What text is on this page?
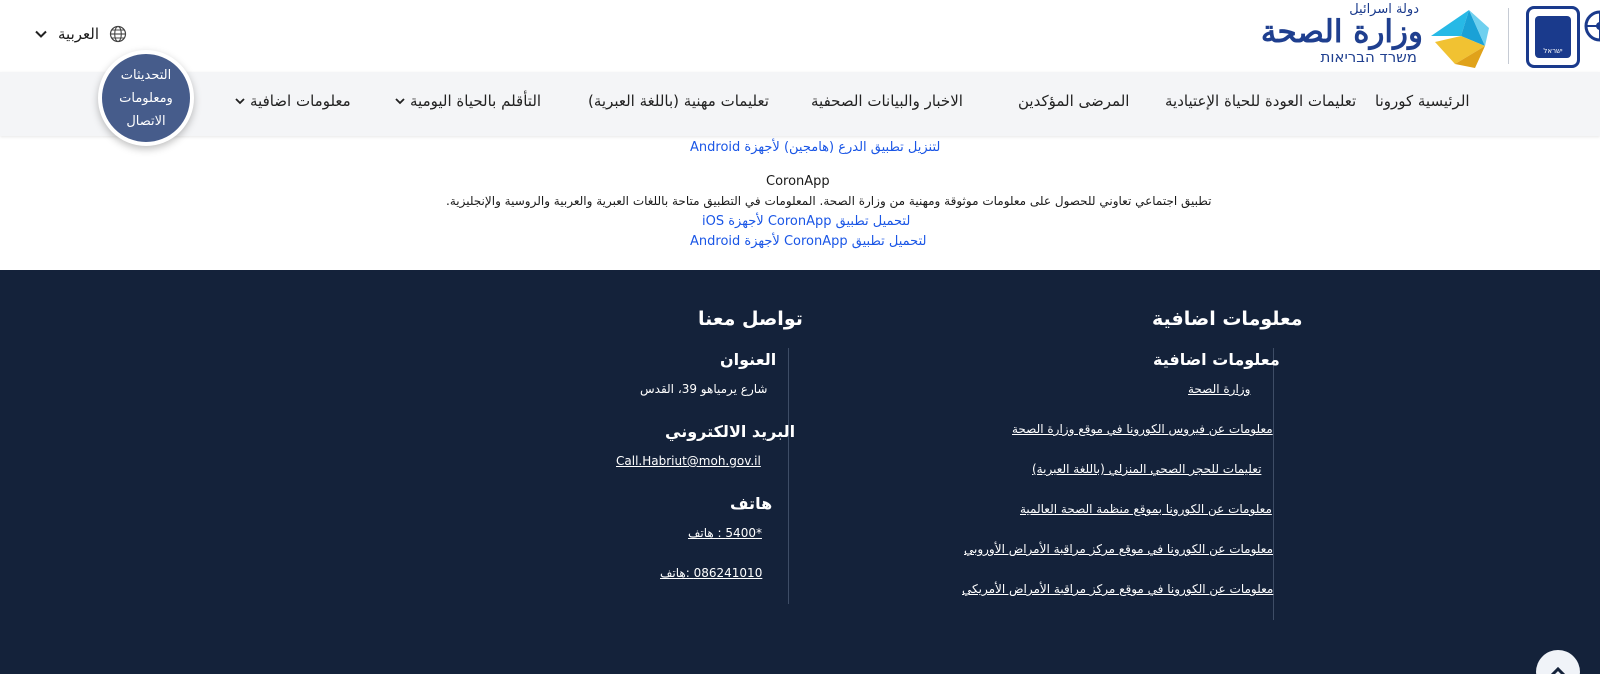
العربية
دولة اسرائيل
وزارة الصحة
משרד הבריאות	ישראל
الرئيسية كورونا
تعليمات العودة للحياة الإعتيادية
المرضى المؤكدين
الاخبار والبيانات الصحفية
تعليمات مهنية (باللغة العبرية)
التأقلم بالحياة اليومية
معلومات اضافية
التحديثات
ومعلومات
الاتصال
لتنزيل تطبيق الدرع (هامجين) لأجهزة Android
CoronApp
تطبيق اجتماعي تعاوني للحصول على معلومات موثوقة ومهنية من وزارة الصحة. المعلومات في التطبيق متاحة باللغات العبرية والعربية والروسية والإنجليزية.
لتحميل تطبيق CoronApp لأجهزة iOS
لتحميل تطبيق CoronApp لأجهزة Android
معلومات اضافية
تواصل معنا
معلومات اضافية
وزارة الصحة
معلومات عن فيروس الكورونا في موقع وزارة الصحة
تعليمات للحجر الصحي المنزلي (باللغة العبرية)
معلومات عن الكورونا بموقع منظمة الصحة العالمية
معلومات عن الكورونا في موقع مركز مراقبة الأمراض الأوروبي
معلومات عن الكورونا في موقع مركز مراقبة الأمراض الأمريكي
العنوان
شارع يرمياهو 39، القدس
البريد الالكتروني
Call.Habriut@moh.gov.il
هاتف
*5400 : هاتف
086241010 :هاتف
